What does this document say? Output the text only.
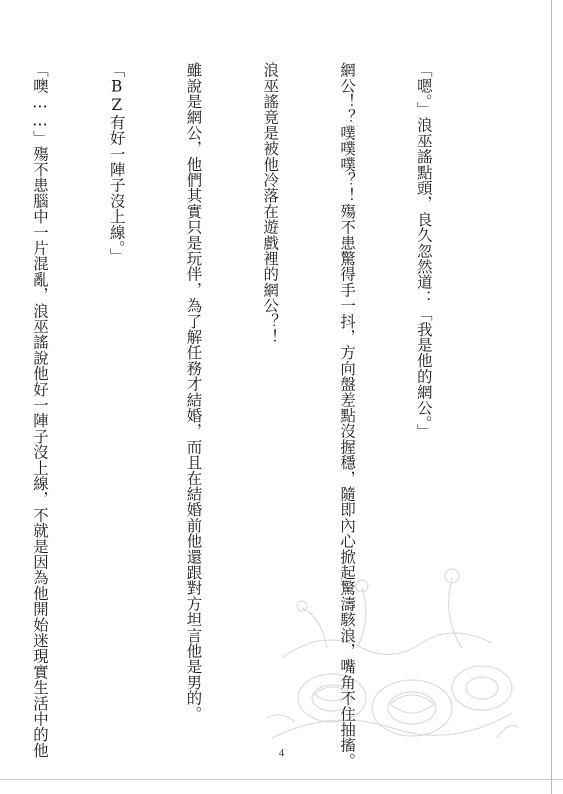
「嗯。」浪巫謠點頭，良久忽然道：「我是他的網公。」

網公！？噗噗噗？！殤不患驚得手一抖，方向盤差點沒握穩，隨即內心掀起驚濤駭浪，嘴角不住抽搐。

浪巫謠竟是被他冷落在遊戲裡的網公？！

雖說是網公，他們其實只是玩伴，為了解任務才結婚，而且在結婚前他還跟對方坦言他是男的。

「BZ有好一陣子沒上線。」

「噢……」殤不患腦中一片混亂，浪巫謠說他好一陣子沒上線，不就是因為他開始迷現實生活中的他

	4
